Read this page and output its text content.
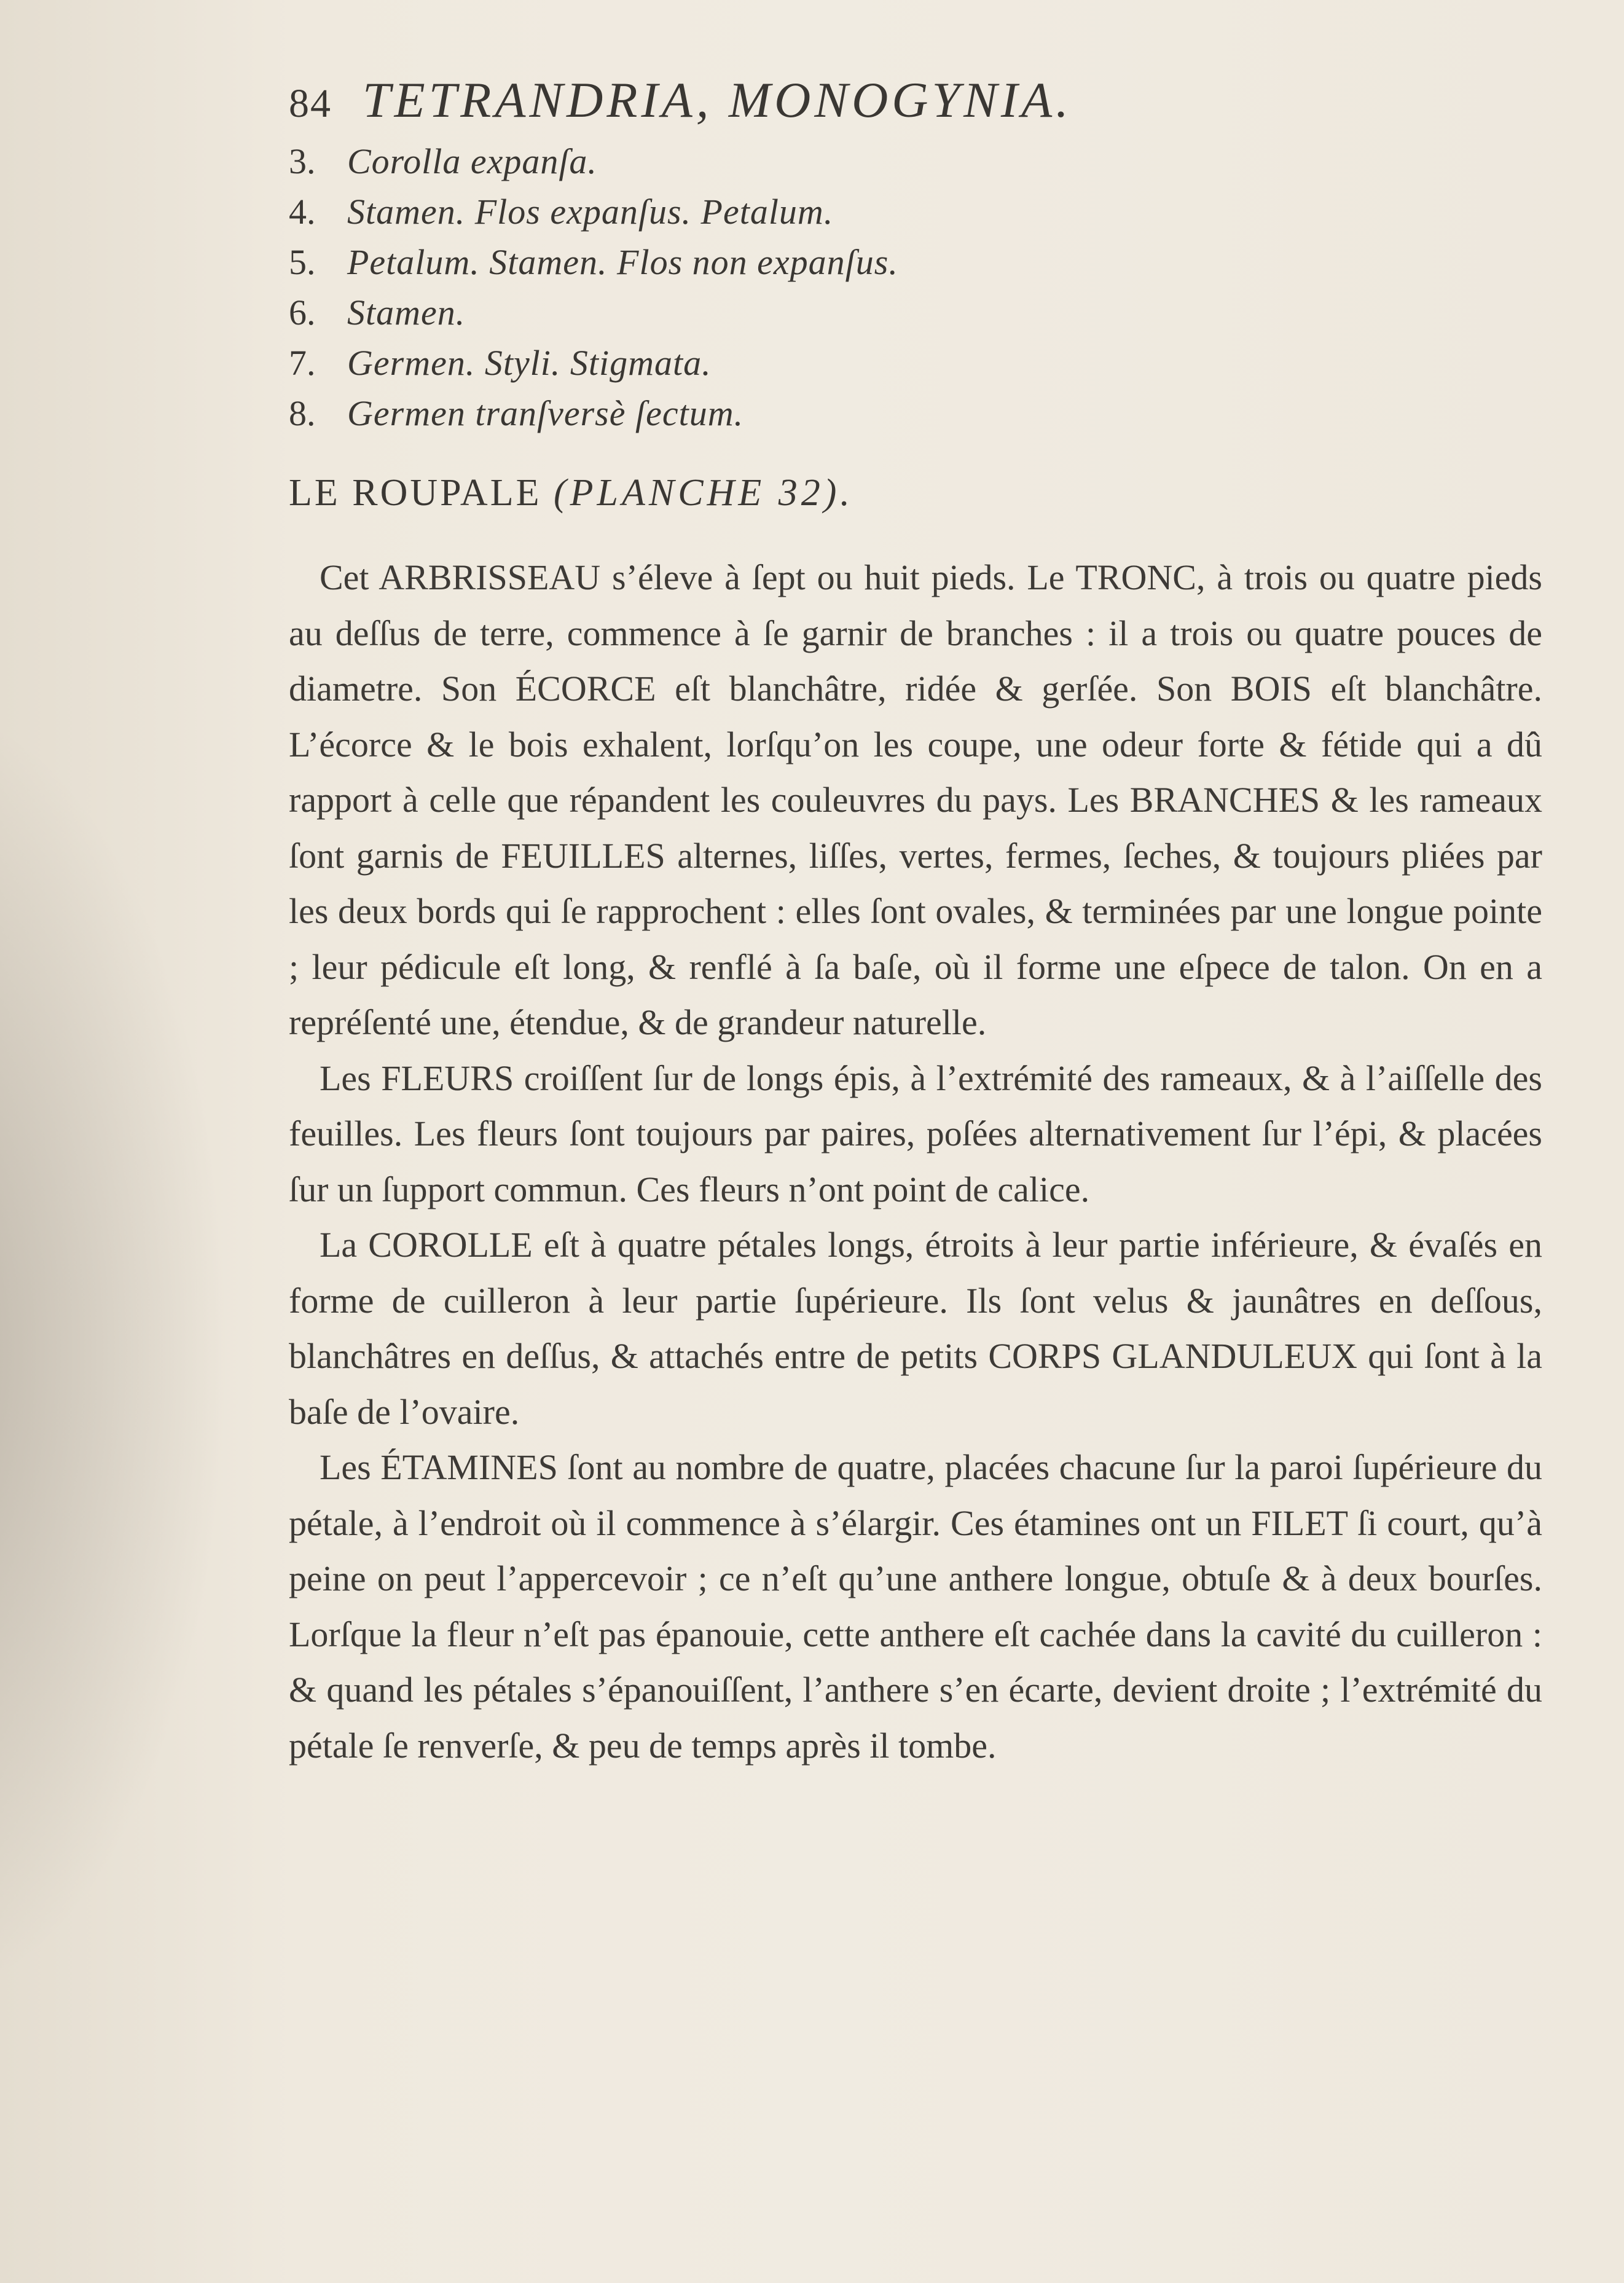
84 TETRANDRIA, MONOGYNIA.
3. Corolla expanſa.
4. Stamen. Flos expanſus. Petalum.
5. Petalum. Stamen. Flos non expanſus.
6. Stamen.
7. Germen. Styli. Stigmata.
8. Germen tranſversè ſectum.
LE ROUPALE (PLANCHE 32).

Cet ARBRISSEAU s’éleve à ſept ou huit pieds. Le TRONC, à trois ou quatre pieds au deſſus de terre, commence à ſe garnir de branches : il a trois ou quatre pouces de diametre. Son ÉCORCE eſt blanchâtre, ridée & gerſée. Son BOIS eſt blanchâtre. L’écorce & le bois exhalent, lorſqu’on les coupe, une odeur forte & fétide qui a dû rapport à celle que répandent les couleuvres du pays. Les BRANCHES & les rameaux ſont garnis de FEUILLES alternes, liſſes, vertes, fermes, ſeches, & toujours pliées par les deux bords qui ſe rapprochent : elles ſont ovales, & terminées par une longue pointe ; leur pédicule eſt long, & renflé à ſa baſe, où il forme une eſpece de talon. On en a repréſenté une, étendue, & de grandeur naturelle.

Les FLEURS croiſſent ſur de longs épis, à l’extrémité des rameaux, & à l’aiſſelle des feuilles. Les fleurs ſont toujours par paires, poſées alternativement ſur l’épi, & placées ſur un ſupport commun. Ces fleurs n’ont point de calice.

La COROLLE eſt à quatre pétales longs, étroits à leur partie inférieure, & évaſés en forme de cuilleron à leur partie ſupérieure. Ils ſont velus & jaunâtres en deſſous, blanchâtres en deſſus, & attachés entre de petits CORPS GLANDULEUX qui ſont à la baſe de l’ovaire.

Les ÉTAMINES ſont au nombre de quatre, placées chacune ſur la paroi ſupérieure du pétale, à l’endroit où il commence à s’élargir. Ces étamines ont un FILET ſi court, qu’à peine on peut l’appercevoir ; ce n’eſt qu’une anthere longue, obtuſe & à deux bourſes. Lorſque la fleur n’eſt pas épanouie, cette anthere eſt cachée dans la cavité du cuilleron : & quand les pétales s’épanouiſſent, l’anthere s’en écarte, devient droite ; l’extrémité du pétale ſe renverſe, & peu de temps après il tombe.
